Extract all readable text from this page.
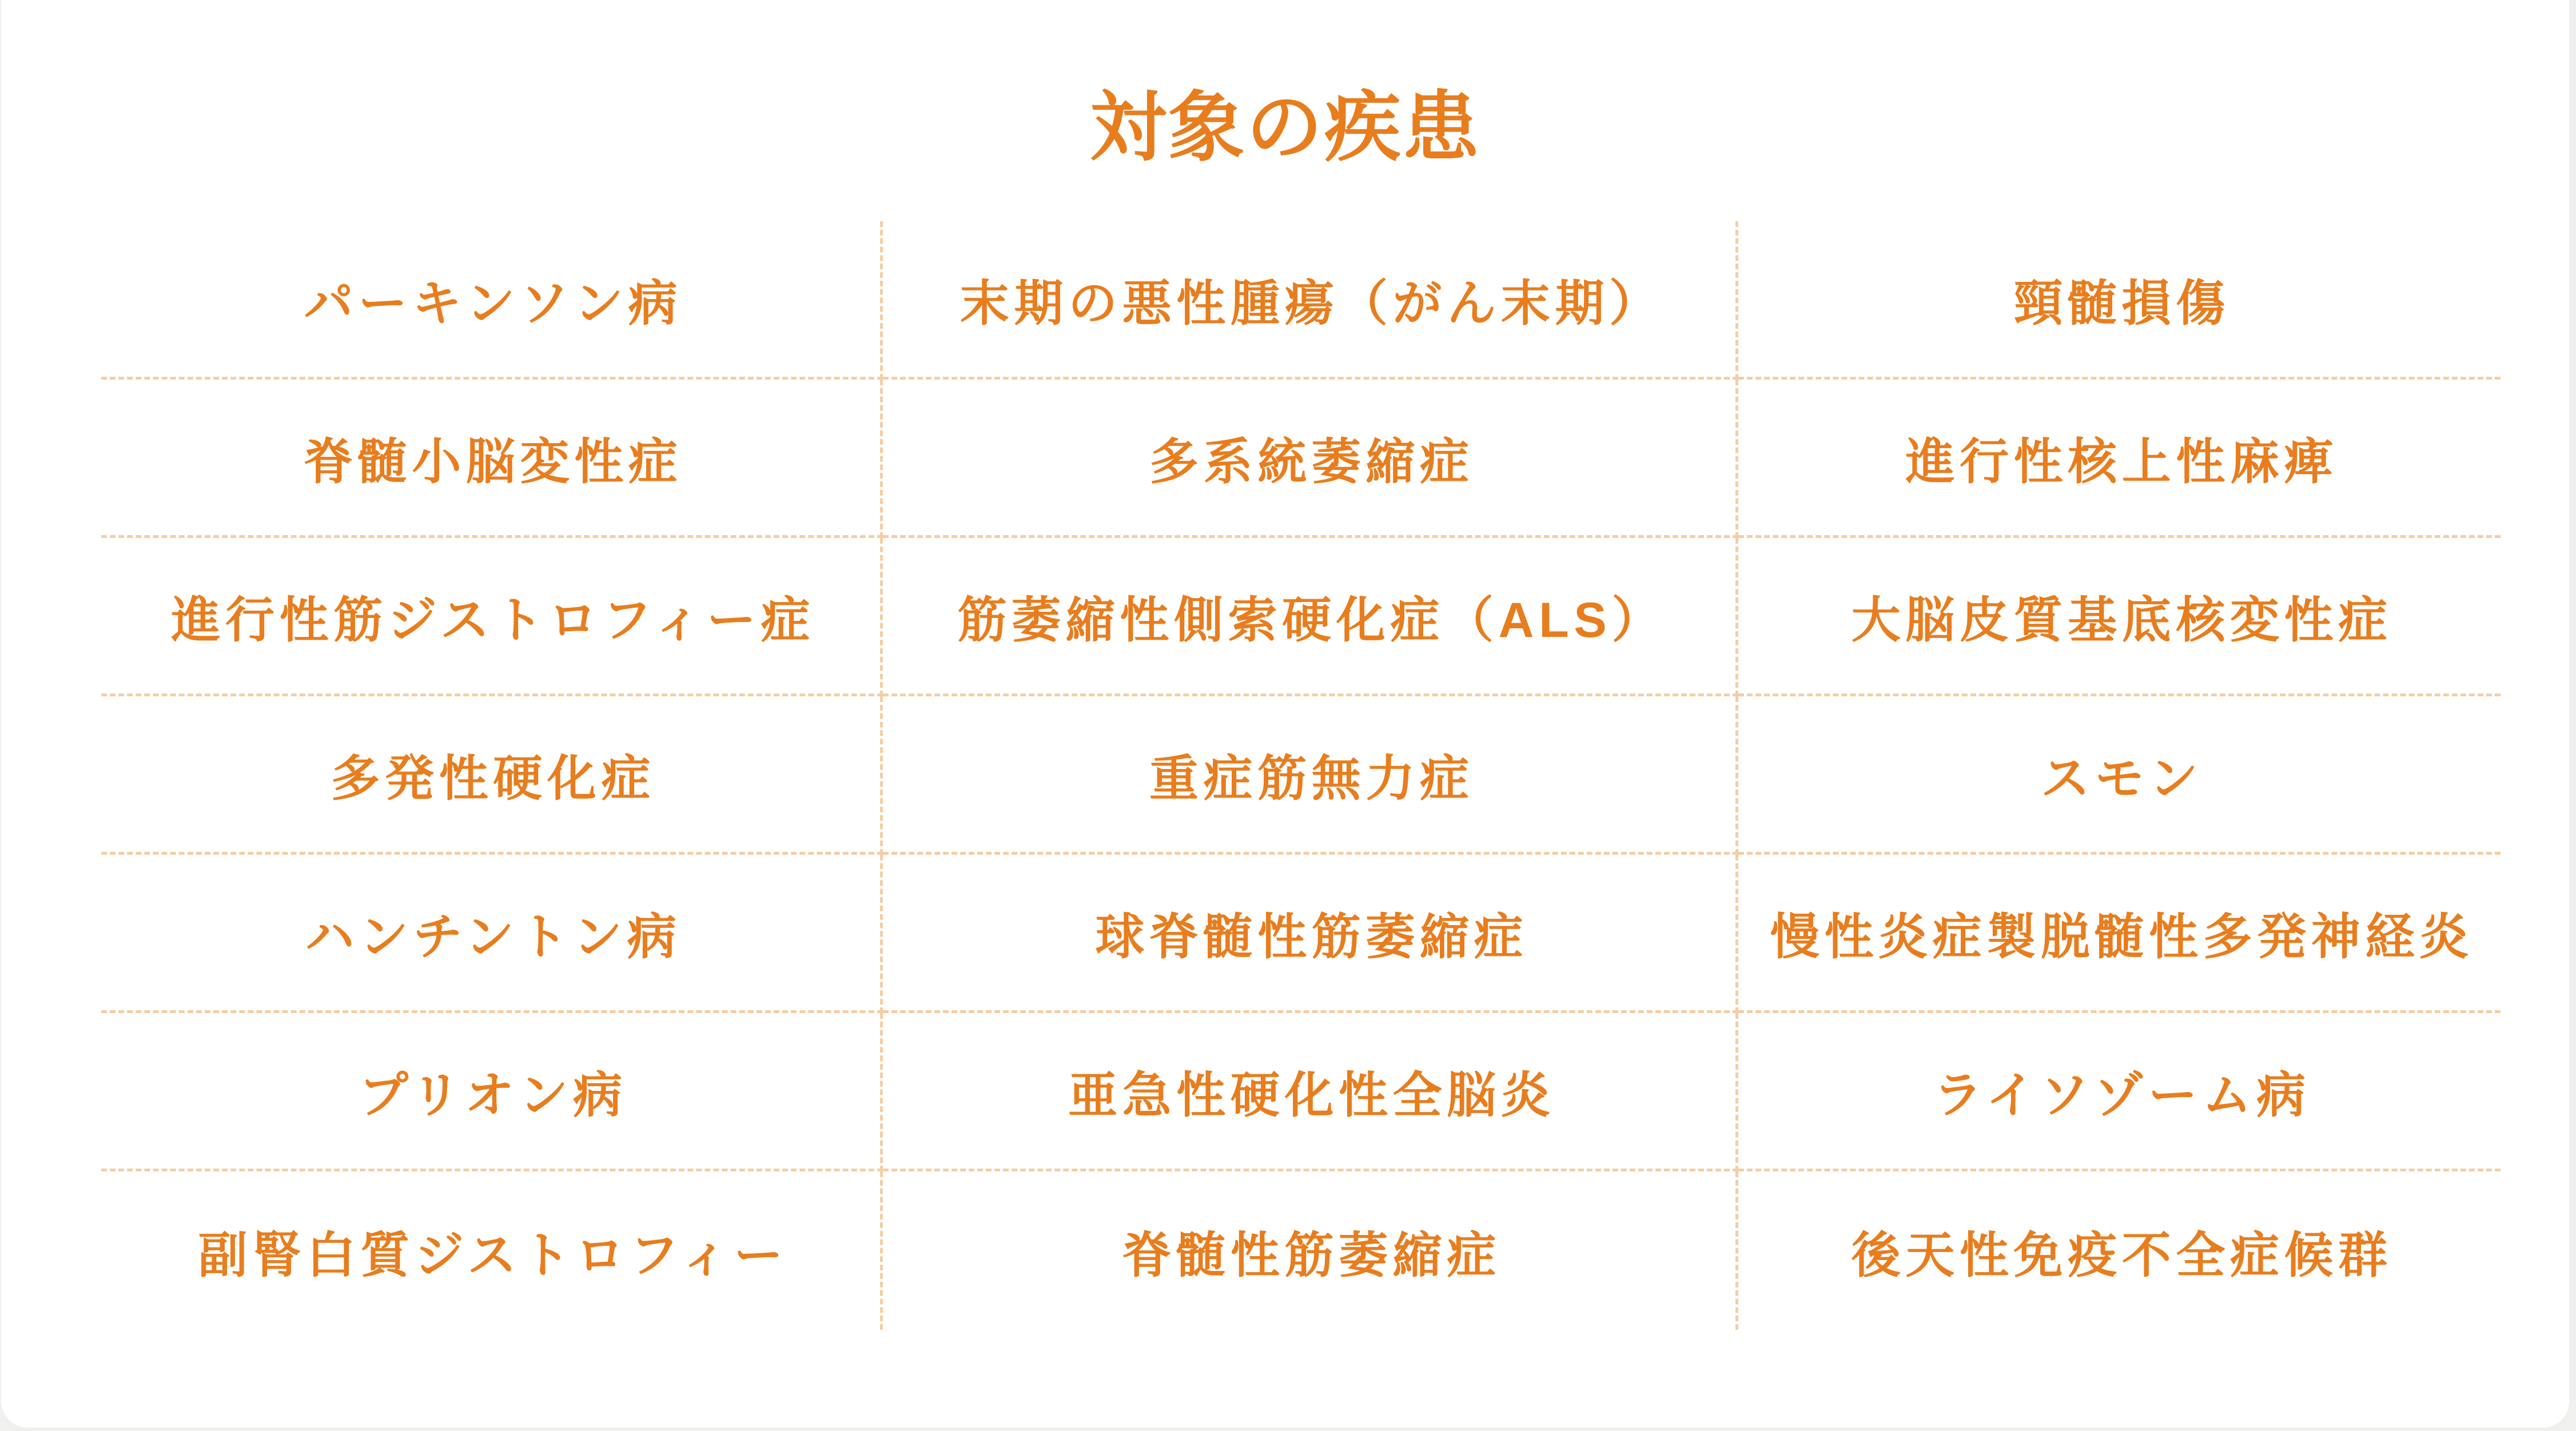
対象の疾患
パーキンソン病	末期の悪性腫瘍（がん末期）	頸髄損傷
脊髄小脳変性症	多系統萎縮症	進行性核上性麻痺
進行性筋ジストロフィー症	筋萎縮性側索硬化症（ALS）	大脳皮質基底核変性症
多発性硬化症	重症筋無力症	スモン
ハンチントン病	球脊髄性筋萎縮症	慢性炎症製脱髄性多発神経炎
プリオン病	亜急性硬化性全脳炎	ライソゾーム病
副腎白質ジストロフィー	脊髄性筋萎縮症	後天性免疫不全症候群
